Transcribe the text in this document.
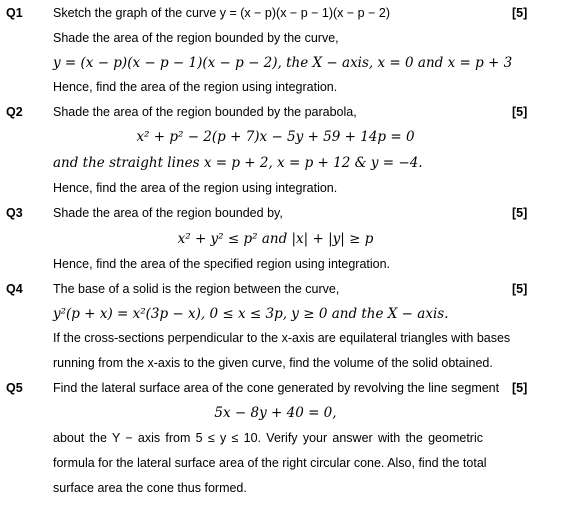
Q1	[5]
Sketch the graph of the curve y = (x − p)(x − p − 1)(x − p − 2)
Shade the area of the region bounded by the curve,
y = (x − p)(x − p − 1)(x − p − 2), the X − axis, x = 0 and x = p + 3
Hence, find the area of the region using integration.
Q2	[5]
Shade the area of the region bounded by the parabola,
x² + p² − 2(p + 7)x − 5y + 59 + 14p = 0
and the straight lines x = p + 2, x = p + 12 & y = −4.
Hence, find the area of the region using integration.
Q3	[5]
Shade the area of the region bounded by,
x² + y² ≤ p² and |x| + |y| ≥ p
Hence, find the area of the specified region using integration.
Q4	[5]
The base of a solid is the region between the curve,
y²(p + x) = x²(3p − x), 0 ≤ x ≤ 3p, y ≥ 0 and the X − axis.
If the cross-sections perpendicular to the x-axis are equilateral triangles with bases
running from the x-axis to the given curve, find the volume of the solid obtained.
Q5	[5]
Find the lateral surface area of the cone generated by revolving the line segment
5x − 8y + 40 = 0,
about the Y − axis from 5 ≤ y ≤ 10. Verify your answer with the geometric
formula for the lateral surface area of the right circular cone. Also, find the total
surface area the cone thus formed.
